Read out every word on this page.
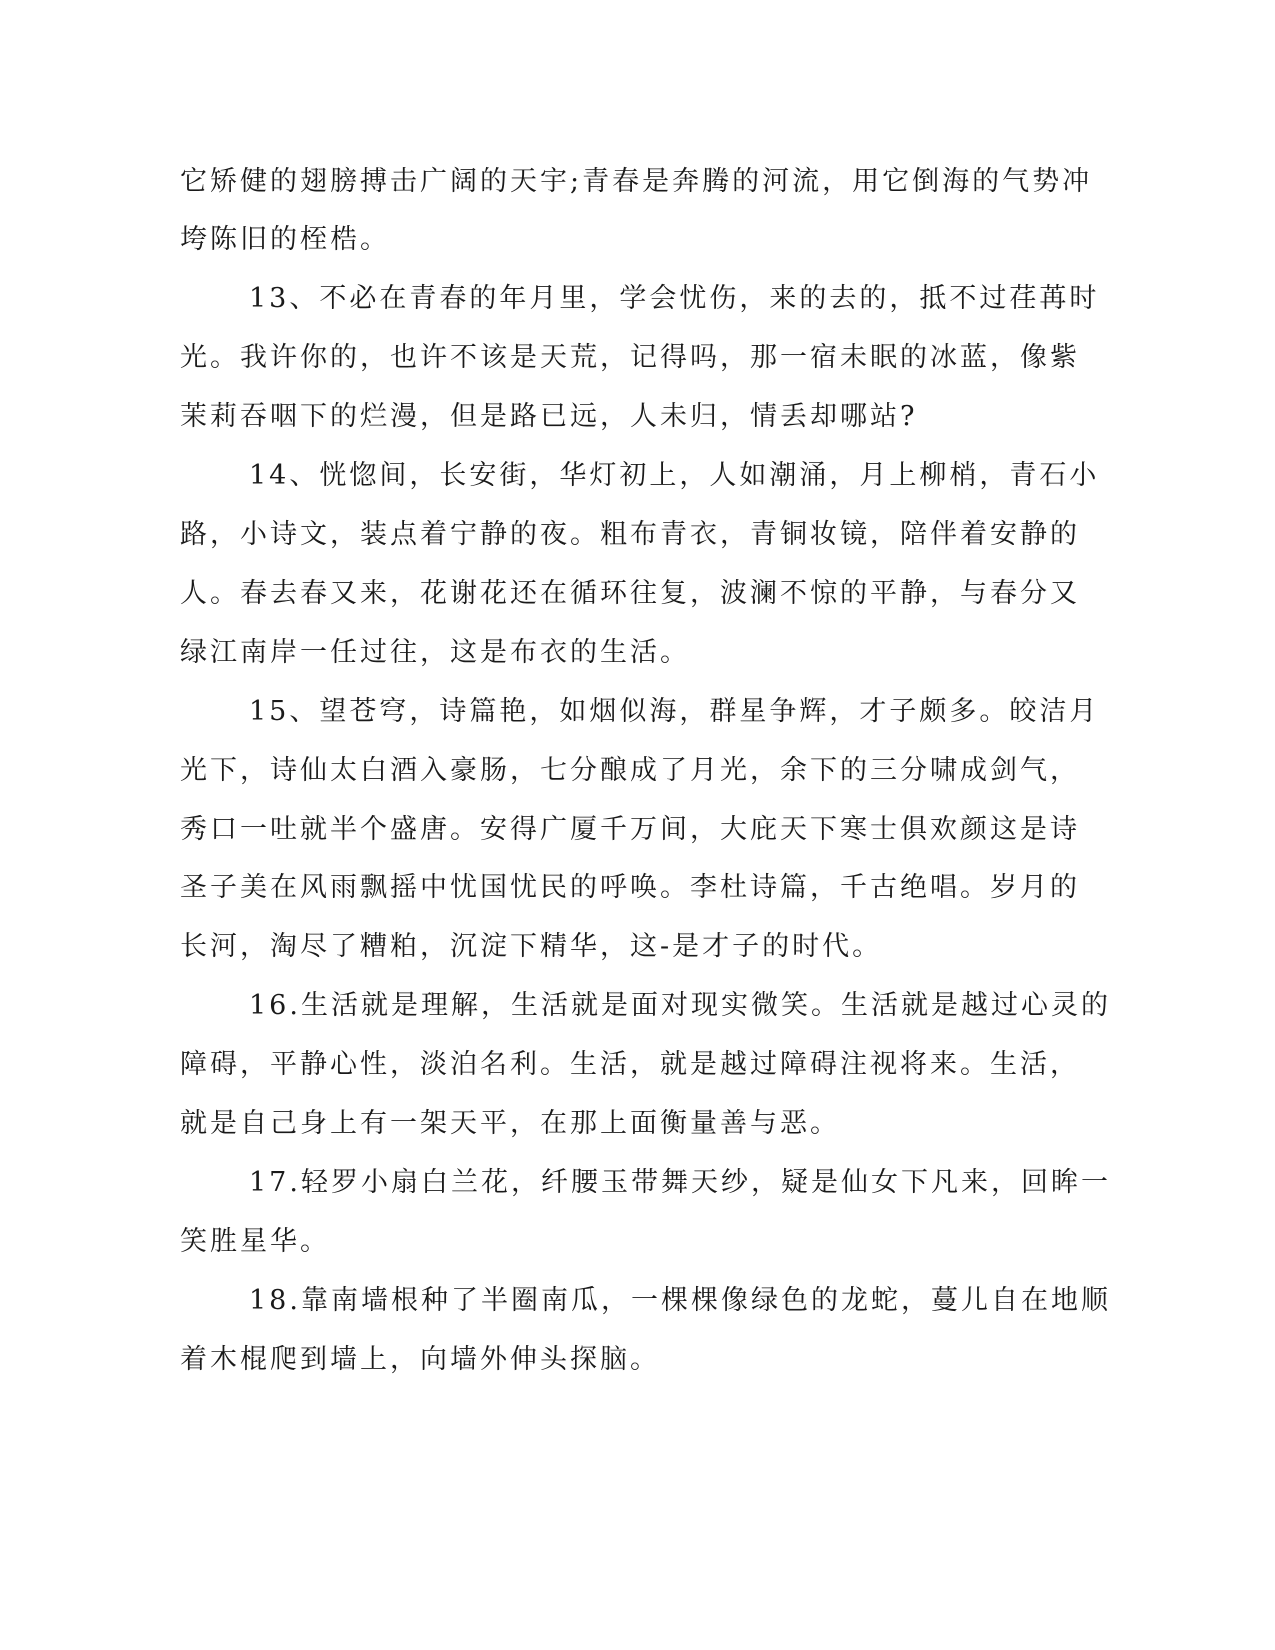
它矫健的翅膀搏击广阔的天宇;青春是奔腾的河流，用它倒海的气势冲

垮陈旧的桎梏。

13、不必在青春的年月里，学会忧伤，来的去的，抵不过荏苒时

光。我许你的，也许不该是天荒，记得吗，那一宿未眠的冰蓝，像紫

茉莉吞咽下的烂漫，但是路已远，人未归，情丢却哪站?

14、恍惚间，长安街，华灯初上，人如潮涌，月上柳梢，青石小

路，小诗文，装点着宁静的夜。粗布青衣，青铜妆镜，陪伴着安静的

人。春去春又来，花谢花还在循环往复，波澜不惊的平静，与春分又

绿江南岸一任过往，这是布衣的生活。

15、望苍穹，诗篇艳，如烟似海，群星争辉，才子颇多。皎洁月

光下，诗仙太白酒入豪肠，七分酿成了月光，余下的三分啸成剑气，

秀口一吐就半个盛唐。安得广厦千万间，大庇天下寒士俱欢颜这是诗

圣子美在风雨飘摇中忧国忧民的呼唤。李杜诗篇，千古绝唱。岁月的

长河，淘尽了糟粕，沉淀下精华，这-是才子的时代。

16.生活就是理解，生活就是面对现实微笑。生活就是越过心灵的

障碍，平静心性，淡泊名利。生活，就是越过障碍注视将来。生活，

就是自己身上有一架天平，在那上面衡量善与恶。

17.轻罗小扇白兰花，纤腰玉带舞天纱，疑是仙女下凡来，回眸一

笑胜星华。

18.靠南墙根种了半圈南瓜，一棵棵像绿色的龙蛇，蔓儿自在地顺

着木棍爬到墙上，向墙外伸头探脑。
